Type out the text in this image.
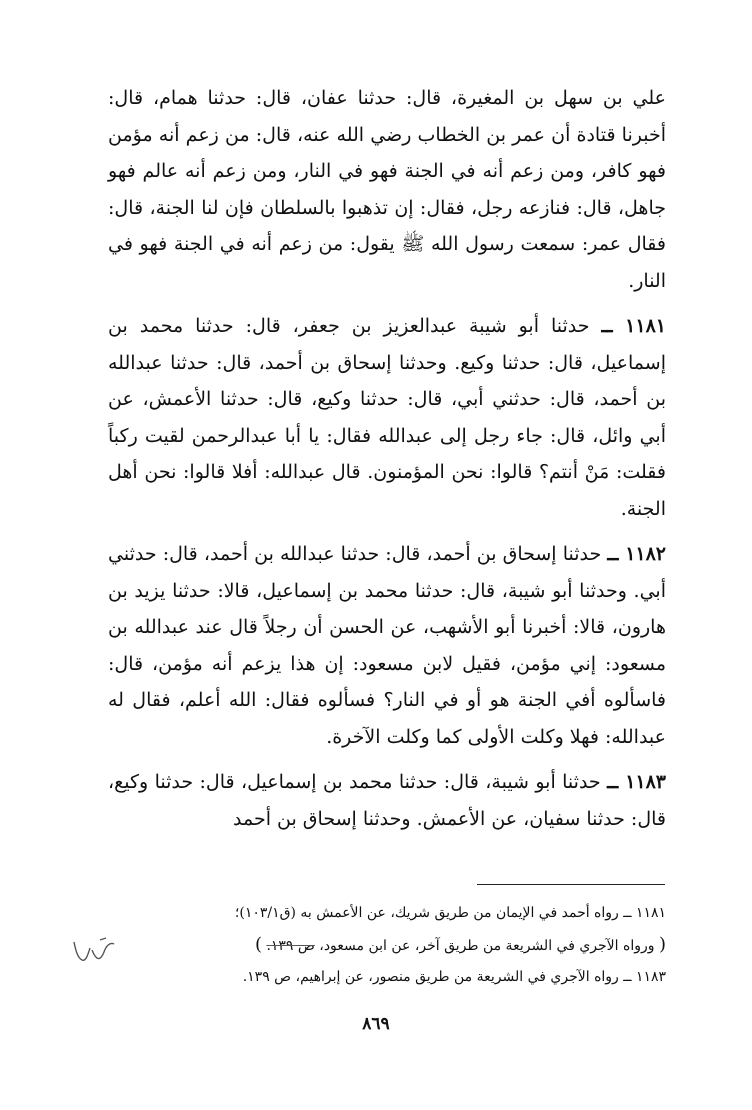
علي بن سهل بن المغيرة، قال: حدثنا عفان، قال: حدثنا همام، قال: أخبرنا قتادة أن عمر بن الخطاب رضي الله عنه، قال: من زعم أنه مؤمن فهو كافر، ومن زعم أنه في الجنة فهو في النار، ومن زعم أنه عالم فهو جاهل، قال: فنازعه رجل، فقال: إن تذهبوا بالسلطان فإن لنا الجنة، قال: فقال عمر: سمعت رسول الله ﷺ يقول: من زعم أنه في الجنة فهو في النار.

١١٨١ ــ حدثنا أبو شيبة عبدالعزيز بن جعفر، قال: حدثنا محمد بن إسماعيل، قال: حدثنا وكيع. وحدثنا إسحاق بن أحمد، قال: حدثنا عبدالله بن أحمد، قال: حدثني أبي، قال: حدثنا وكيع، قال: حدثنا الأعمش، عن أبي وائل، قال: جاء رجل إلى عبدالله فقال: يا أبا عبدالرحمن لقيت ركباً فقلت: مَنْ أنتم؟ قالوا: نحن المؤمنون. قال عبدالله: أفلا قالوا: نحن أهل الجنة.

١١٨٢ ــ حدثنا إسحاق بن أحمد، قال: حدثنا عبدالله بن أحمد، قال: حدثني أبي. وحدثنا أبو شيبة، قال: حدثنا محمد بن إسماعيل، قالا: حدثنا يزيد بن هارون، قالا: أخبرنا أبو الأشهب، عن الحسن أن رجلاً قال عند عبدالله بن مسعود: إني مؤمن، فقيل لابن مسعود: إن هذا يزعم أنه مؤمن، قال: فاسألوه أفي الجنة هو أو في النار؟ فسألوه فقال: الله أعلم، فقال له عبدالله: فهلا وكلت الأولى كما وكلت الآخرة.

١١٨٣ ــ حدثنا أبو شيبة، قال: حدثنا محمد بن إسماعيل، قال: حدثنا وكيع، قال: حدثنا سفيان، عن الأعمش. وحدثنا إسحاق بن أحمد

١١٨١ ــ رواه أحمد في الإيمان من طريق شريك، عن الأعمش به (ق١٠٣/١)؛
( ورواه الآجري في الشريعة من طريق آخر، عن ابن مسعود، ص ١٣٩. )
١١٨٣ ــ رواه الآجري في الشريعة من طريق منصور، عن إبراهيم، ص ١٣٩.
٨٦٩
